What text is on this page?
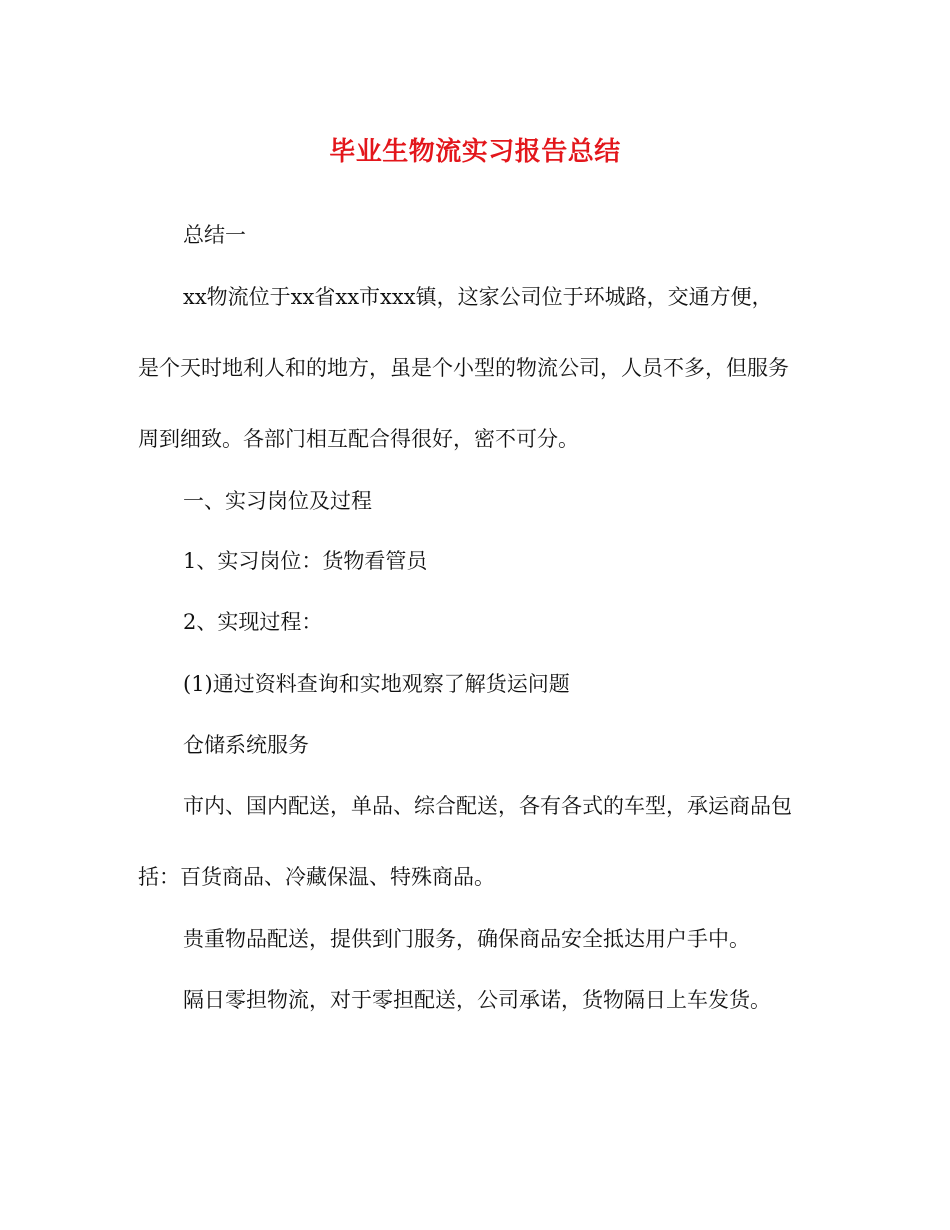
毕业生物流实习报告总结
总结一
xx物流位于xx省xx市xxx镇，这家公司位于环城路，交通方便，
是个天时地利人和的地方，虽是个小型的物流公司，人员不多，但服务
周到细致。各部门相互配合得很好，密不可分。
一、实习岗位及过程
1、实习岗位：货物看管员
2、实现过程：
(1)通过资料查询和实地观察了解货运问题
仓储系统服务
市内、国内配送，单品、综合配送，各有各式的车型，承运商品包
括：百货商品、冷藏保温、特殊商品。
贵重物品配送，提供到门服务，确保商品安全抵达用户手中。
隔日零担物流，对于零担配送，公司承诺，货物隔日上车发货。
